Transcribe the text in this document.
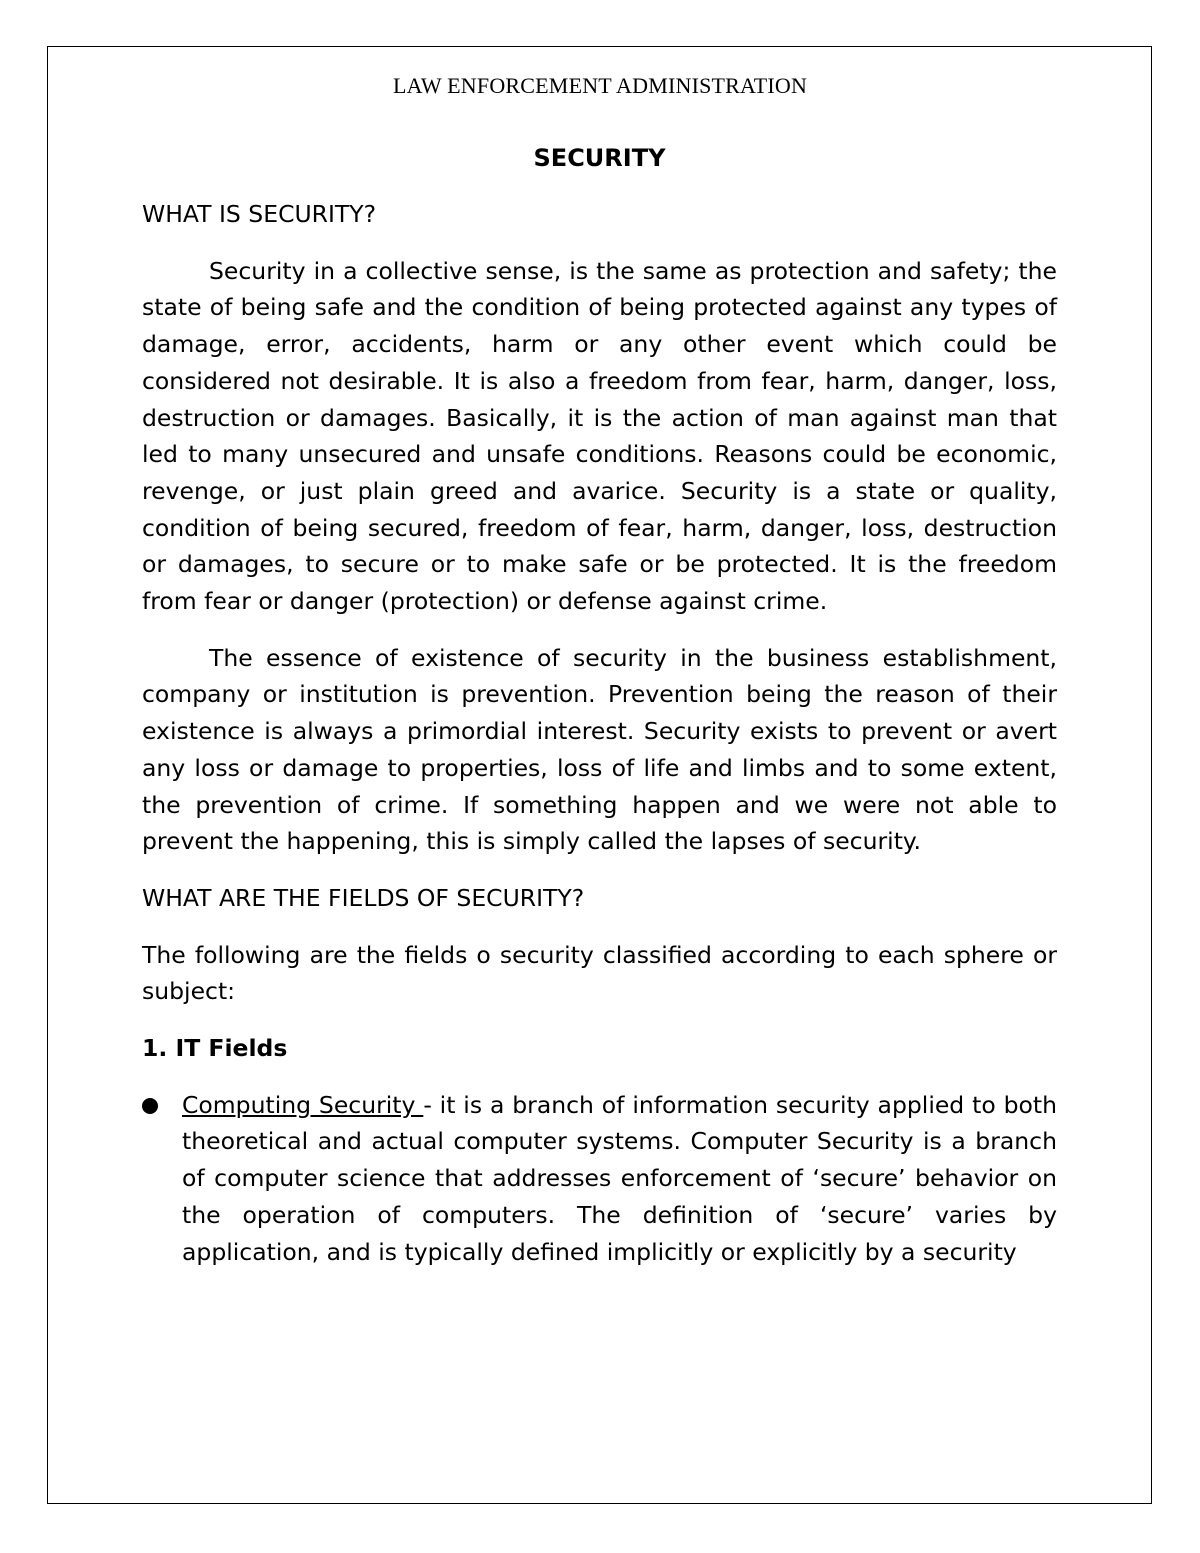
LAW ENFORCEMENT ADMINISTRATION
SECURITY
WHAT IS SECURITY?
Security in a collective sense, is the same as protection and safety; the state of being safe and the condition of being protected against any types of damage, error, accidents, harm or any other event which could be considered not desirable. It is also a freedom from fear, harm, danger, loss, destruction or damages. Basically, it is the action of man against man that led to many unsecured and unsafe conditions. Reasons could be economic, revenge, or just plain greed and avarice. Security is a state or quality, condition of being secured, freedom of fear, harm, danger, loss, destruction or damages, to secure or to make safe or be protected. It is the freedom from fear or danger (protection) or defense against crime.
The essence of existence of security in the business establishment, company or institution is prevention. Prevention being the reason of their existence is always a primordial interest. Security exists to prevent or avert any loss or damage to properties, loss of life and limbs and to some extent, the prevention of crime. If something happen and we were not able to prevent the happening, this is simply called the lapses of security.
WHAT ARE THE FIELDS OF SECURITY?
The following are the fields o security classified according to each sphere or subject:
1. IT Fields
Computing Security - it is a branch of information security applied to both theoretical and actual computer systems. Computer Security is a branch of computer science that addresses enforcement of ‘secure’ behavior on the operation of computers. The definition of ‘secure’ varies by application, and is typically defined implicitly or explicitly by a security
